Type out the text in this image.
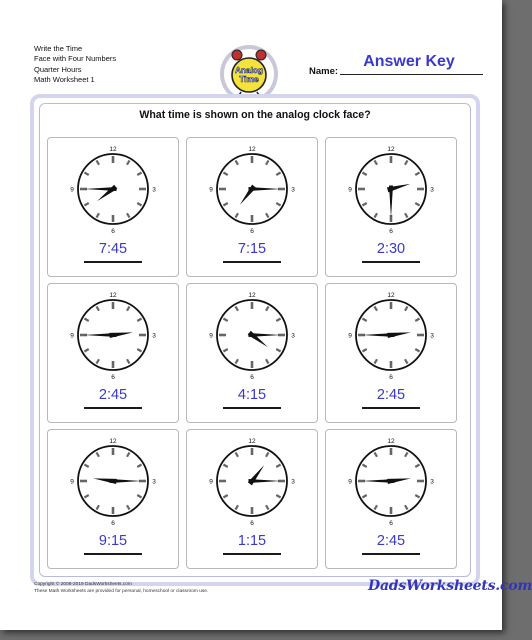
Write the Time
Face with Four Numbers
Quarter Hours
Math Worksheet 1
Analog
Time
Name:
Answer Key
What time is shown on the analog clock face?
12
3
6
9
7:45
12
3
6
9
7:15
12
3
6
9
2:30
12
3
6
9
2:45
12
3
6
9
4:15
12
3
6
9
2:45
12
3
6
9
9:15
12
3
6
9
1:15
12
3
6
9
2:45
Copyright © 2008-2019 DadsWorksheets.com
These Math Worksheets are provided for personal, homeschool or classroom use.	DadsWorksheets.com
